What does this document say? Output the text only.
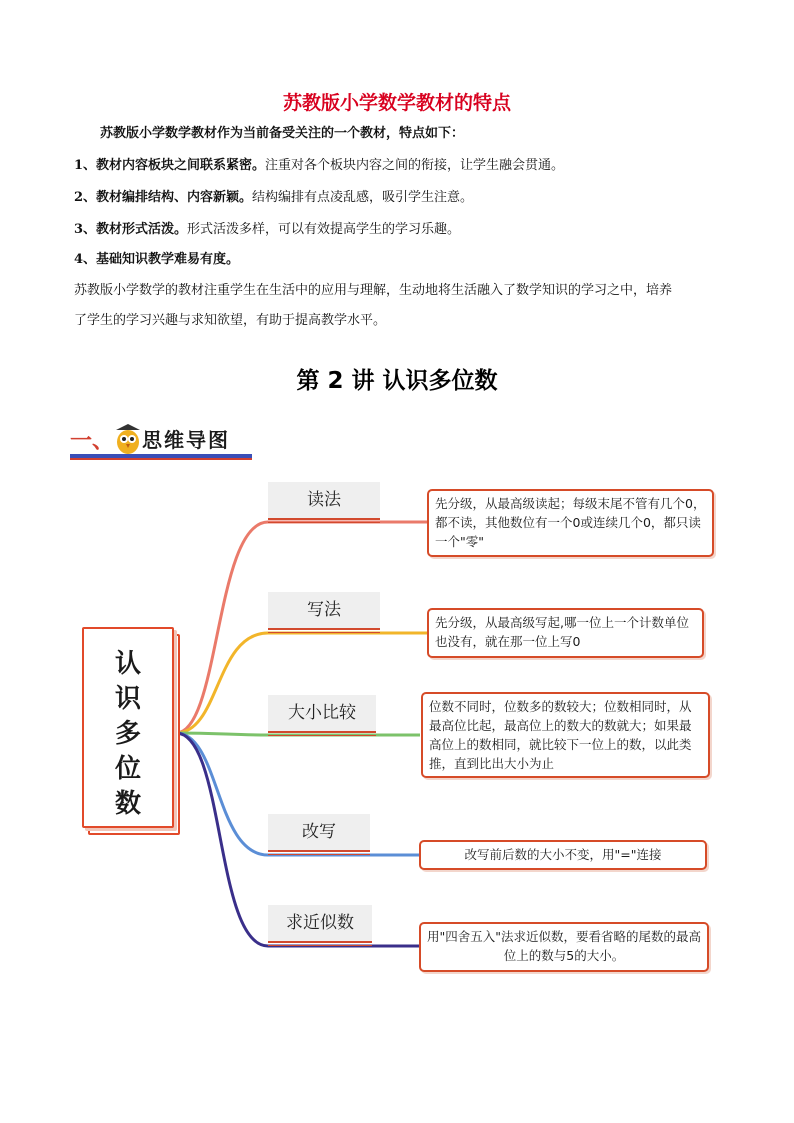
苏教版小学数学教材的特点
苏教版小学数学教材作为当前备受关注的一个教材，特点如下：
1、教材内容板块之间联系紧密。注重对各个板块内容之间的衔接，让学生融会贯通。
2、教材编排结构、内容新颖。结构编排有点凌乱感，吸引学生注意。
3、教材形式活泼。形式活泼多样，可以有效提高学生的学习乐趣。
4、基础知识教学难易有度。
苏教版小学数学的教材注重学生在生活中的应用与理解，生动地将生活融入了数学知识的学习之中，培养
了学生的学习兴趣与求知欲望，有助于提高教学水平。
第 2 讲 认识多位数
一、 思维导图
认
识
多
位
数
读法
写法
大小比较
改写
求近似数
先分级，从最高级读起；每级末尾不管有几个0，都不读，其他数位有一个0或连续几个0，都只读一个"零"
先分级，从最高级写起,哪一位上一个计数单位也没有，就在那一位上写0
位数不同时，位数多的数较大；位数相同时，从最高位比起，最高位上的数大的数就大；如果最高位上的数相同，就比较下一位上的数，以此类推，直到比出大小为止
改写前后数的大小不变，用"="连接
用"四舍五入"法求近似数，要看省略的尾数的最高位上的数与5的大小。
